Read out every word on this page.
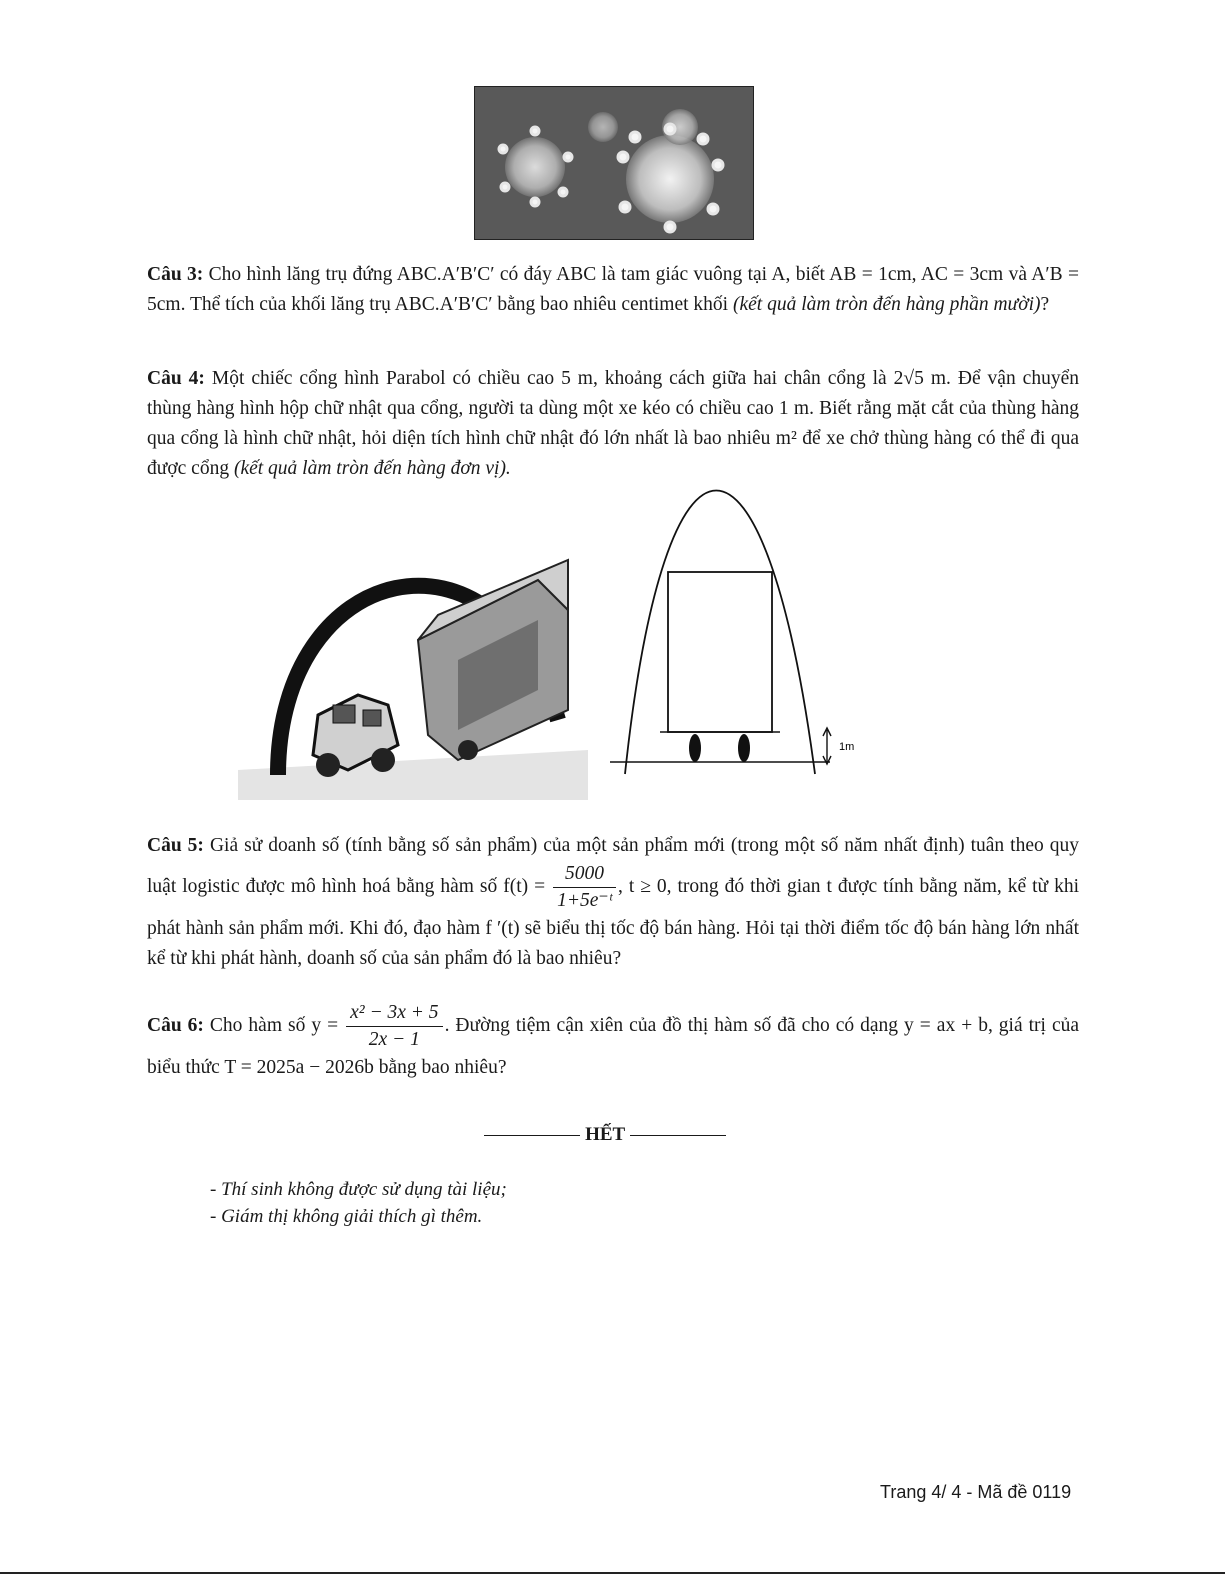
Câu 3: Cho hình lăng trụ đứng ABC.A′B′C′ có đáy ABC là tam giác vuông tại A, biết AB = 1cm, AC = 3cm và A′B = 5cm. Thể tích của khối lăng trụ ABC.A′B′C′ bằng bao nhiêu centimet khối (kết quả làm tròn đến hàng phần mười)?
Câu 4: Một chiếc cổng hình Parabol có chiều cao 5 m, khoảng cách giữa hai chân cổng là 2√5 m. Để vận chuyển thùng hàng hình hộp chữ nhật qua cổng, người ta dùng một xe kéo có chiều cao 1 m. Biết rằng mặt cắt của thùng hàng qua cổng là hình chữ nhật, hỏi diện tích hình chữ nhật đó lớn nhất là bao nhiêu m² để xe chở thùng hàng có thể đi qua được cổng (kết quả làm tròn đến hàng đơn vị).
1m
Câu 5: Giả sử doanh số (tính bằng số sản phẩm) của một sản phẩm mới (trong một số năm nhất định) tuân theo quy luật logistic được mô hình hoá bằng hàm số $f(t) = \frac{5000}{\text{1+5e⁻ᵗ}}$ , t ≥ 0, trong đó thời gian t được tính bằng năm, kể từ khi phát hành sản phẩm mới. Khi đó, đạo hàm f ′(t) sẽ biểu thị tốc độ bán hàng. Hỏi tại thời điểm tốc độ bán hàng lớn nhất kể từ khi phát hành, doanh số của sản phẩm đó là bao nhiêu?
Câu 6: Cho hàm số $y = \frac{\text{x² − 3x + 5}}{2x - 1}$ . Đường tiệm cận xiên của đồ thị hàm số đã cho có dạng y = ax + b, giá trị của biểu thức T = 2025a − 2026b bằng bao nhiêu?
HẾT
- Thí sinh không được sử dụng tài liệu;
- Giám thị không giải thích gì thêm.
Trang 4/ 4 - Mã đề 0119
